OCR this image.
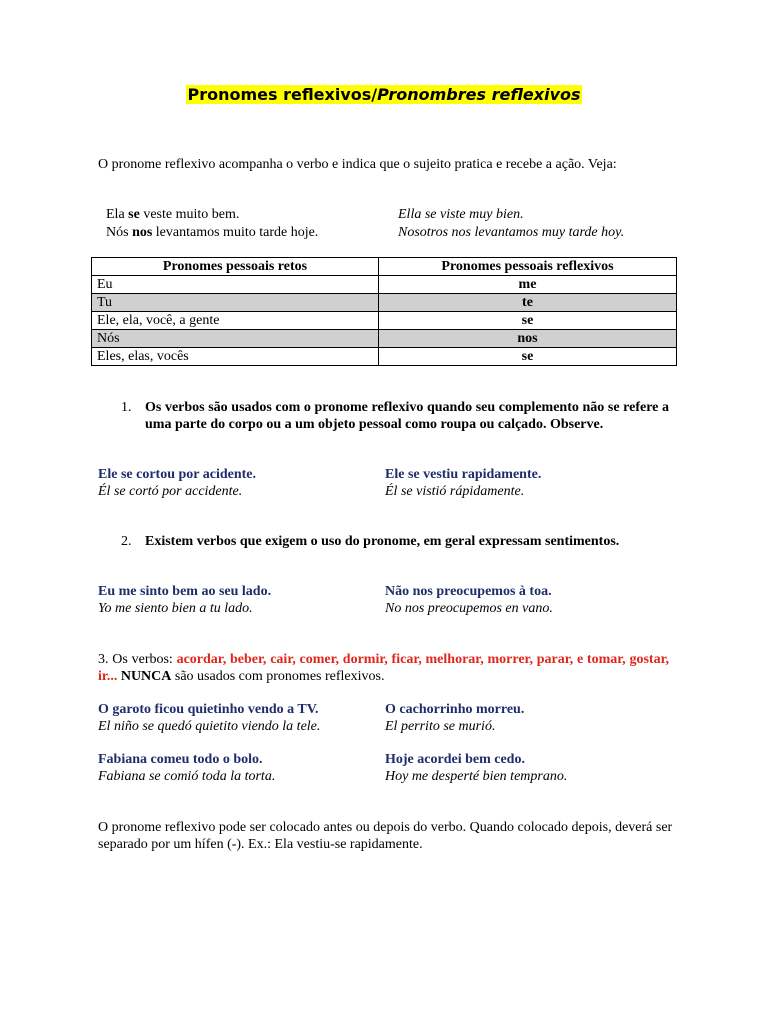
Pronomes reflexivos/Pronombres reflexivos
O pronome reflexivo acompanha o verbo e indica que o sujeito pratica e recebe a ação. Veja:
Ela se veste muito bem.	Ella se viste muy bien.
Nós nos levantamos muito tarde hoje.	Nosotros nos levantamos muy tarde hoy.
Pronomes pessoais retos	Pronomes pessoais reflexivos
Eu	me
Tu	te
Ele, ela, você, a gente	se
Nós	nos
Eles, elas, vocês	se
1. Os verbos são usados com o pronome reflexivo quando seu complemento não se refere a uma parte do corpo ou a um objeto pessoal como roupa ou calçado. Observe.
Ele se cortou por acidente.
Él se cortó por accidente.
Ele se vestiu rapidamente.
Él se vistió rápidamente.
2. Existem verbos que exigem o uso do pronome, em geral expressam sentimentos.
Eu me sinto bem ao seu lado.
Yo me siento bien a tu lado.
Não nos preocupemos à toa.
No nos preocupemos en vano.
3. Os verbos: acordar, beber, cair, comer, dormir, ficar, melhorar, morrer, parar, e tomar, gostar, ir... NUNCA são usados com pronomes reflexivos.
O garoto ficou quietinho vendo a TV.
El niño se quedó quietito viendo la tele.
O cachorrinho morreu.
El perrito se murió.
Fabiana comeu todo o bolo.
Fabiana se comió toda la torta.
Hoje acordei bem cedo.
Hoy me desperté bien temprano.
O pronome reflexivo pode ser colocado antes ou depois do verbo. Quando colocado depois, deverá ser separado por um hífen (-). Ex.: Ela vestiu-se rapidamente.
